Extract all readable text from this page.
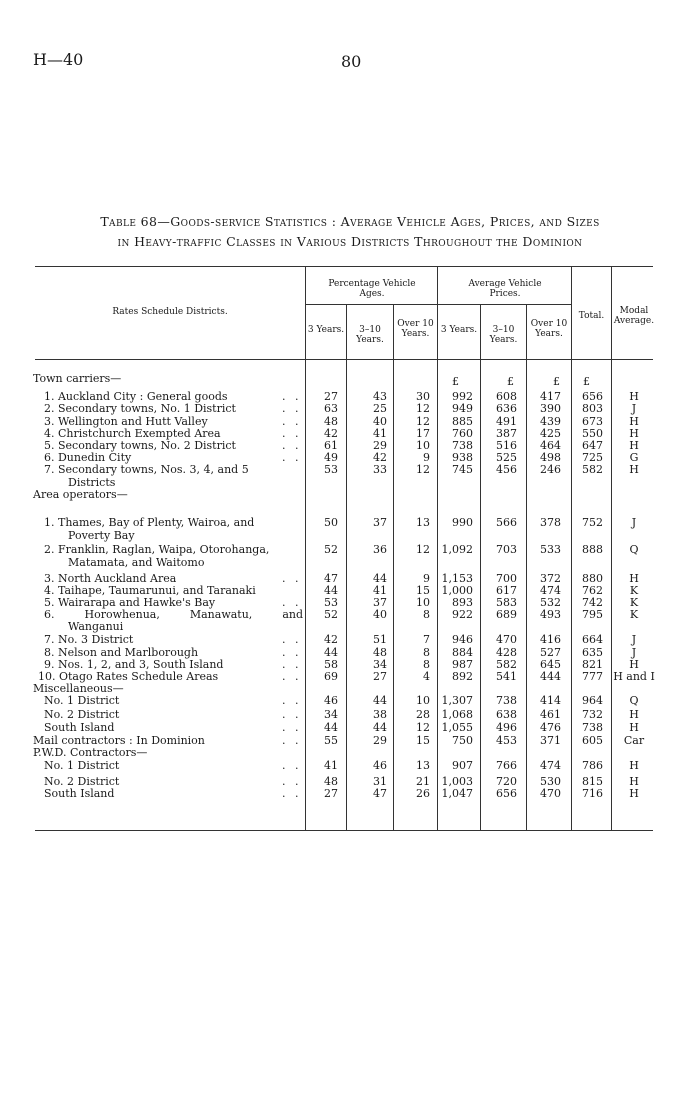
H—40	80
Table 68—Goods-service Statistics : Average Vehicle Ages, Prices, and Sizes
in Heavy-traffic Classes in Various Districts Throughout the Dominion
Rates Schedule Districts.
Percentage Vehicle Ages.
Average Vehicle Prices.
3 Years.	3–10 Years.
Over 10 Years.	3 Years.	3–10 Years.
Over 10 Years.
Total.	Modal Average.
£	£	£	£
Town carriers—
1. Auckland City : General goods	. .	27	43	30	992	608	417	656	H
2. Secondary towns, No. 1 District	. .	63	25	12	949	636	390	803	J
3. Wellington and Hutt Valley	. .	48	40	12	885	491	439	673	H
4. Christchurch Exempted Area	. .	42	41	17	760	387	425	550	H
5. Secondary towns, No. 2 District	. .	61	29	10	738	516	464	647	H
6. Dunedin City	. .	49	42	9	938	525	498	725	G
7. Secondary towns, Nos. 3, 4, and 5	53	33	12	745	456	246	582	H
Districts
Area operators—
1. Thames, Bay of Plenty, Wairoa, and	50	37	13	990	566	378	752	J
Poverty Bay
2. Franklin, Raglan, Waipa, Otorohanga,	52	36	12	1,092	703	533	888	Q
Matamata, and Waitomo
3. North Auckland Area	. .	47	44	9	1,153	700	372	880	H
4. Taihape, Taumarunui, and Taranaki	44	41	15	1,000	617	474	762	K
5. Wairarapa and Hawke's Bay	. .	53	37	10	893	583	532	742	K
6. Horowhenua, Manawatu, and	52	40	8	922	689	493	795	K
Wanganui
7. No. 3 District	. .	42	51	7	946	470	416	664	J
8. Nelson and Marlborough	. .	44	48	8	884	428	527	635	J
9. Nos. 1, 2, and 3, South Island	. .	58	34	8	987	582	645	821	H
10. Otago Rates Schedule Areas	. .	69	27	4	892	541	444	777 H and I
Miscellaneous—
No. 1 District	. .	46	44	10	1,307	738	414	964	Q
No. 2 District	. .	34	38	28	1,068	638	461	732	H
South Island	. .	44	44	12	1,055	496	476	738	H
Mail contractors : In Dominion	. .	55	29	15	750	453	371	605	Car
P.W.D. Contractors—
No. 1 District	. .	41	46	13	907	766	474	786	H
No. 2 District	. .	48	31	21	1,003	720	530	815	H
South Island	. .	27	47	26	1,047	656	470	716	H
